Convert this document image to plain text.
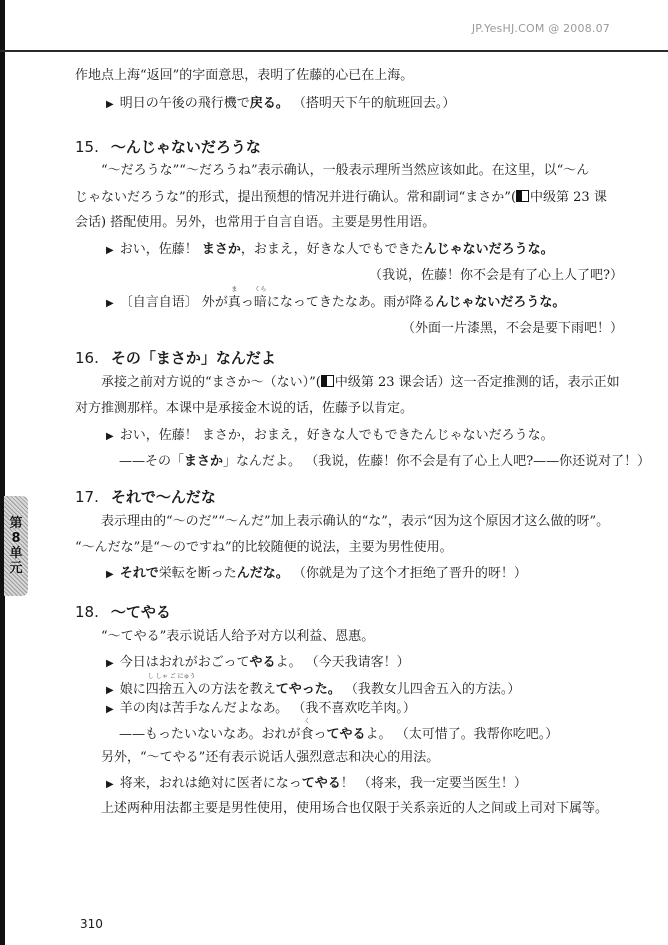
JP.YesHJ.COM @ 2008.07
第
8
单
元
作地点上海“返回”的字面意思，表明了佐藤的心已在上海。
▶ 明日の午後の飛行機で戻る。 （搭明天下午的航班回去。）
15. ～んじゃないだろうな
“～だろうな”“～だろうね”表示确认，一般表示理所当然应该如此。在这里，以“～ん
じゃないだろうな”的形式，提出预想的情况并进行确认。常和副词“まさか”( 中级第 23 课
会话) 搭配使用。另外，也常用于自言自语。主要是男性用语。
▶ おい，佐藤！ まさか，おまえ，好きな人でもできたんじゃないだろうな。
（我说，佐藤！你不会是有了心上人了吧?）
▶ 〔自言自语〕 外が
ま
真っ
くら
暗になってきたなあ。雨が降るんじゃないだろうな。
（外面一片漆黑，不会是要下雨吧！）
16. その「まさか」なんだよ
承接之前对方说的“まさか～（ない）”( 中级第 23 课会话）这一否定推测的话，表示正如
对方推测那样。本课中是承接金木说的话，佐藤予以肯定。
▶ おい，佐藤！ まさか，おまえ，好きな人でもできたんじゃないだろうな。
——その「まさか」なんだよ。 （我说，佐藤！你不会是有了心上人吧?——你还说对了！）
17. それで～んだな
表示理由的“～のだ”“～んだ”加上表示确认的“な”，表示“因为这个原因才这么做的呀”。
“～んだな”是“～のですね”的比较随便的说法，主要为男性使用。
▶ それで栄転を断ったんだな。 （你就是为了这个才拒绝了晋升的呀！）
18. ～てやる
“～てやる”表示说话人给予对方以利益、恩惠。
▶ 今日はおれがおごってやるよ。 （今天我请客！）
▶ 娘に
し しゃ ご にゅう
四捨五入の方法を教えてやった。 （我教女儿四舍五入的方法。）
▶ 羊の肉は苦手なんだよなあ。 （我不喜欢吃羊肉。）
——もったいないなあ。おれが
く
食ってやるよ。 （太可惜了。我帮你吃吧。）
另外，“～てやる”还有表示说话人强烈意志和决心的用法。
▶ 将来，おれは絶対に医者になってやる！ （将来，我一定要当医生！）
上述两种用法都主要是男性使用，使用场合也仅限于关系亲近的人之间或上司对下属等。
310
